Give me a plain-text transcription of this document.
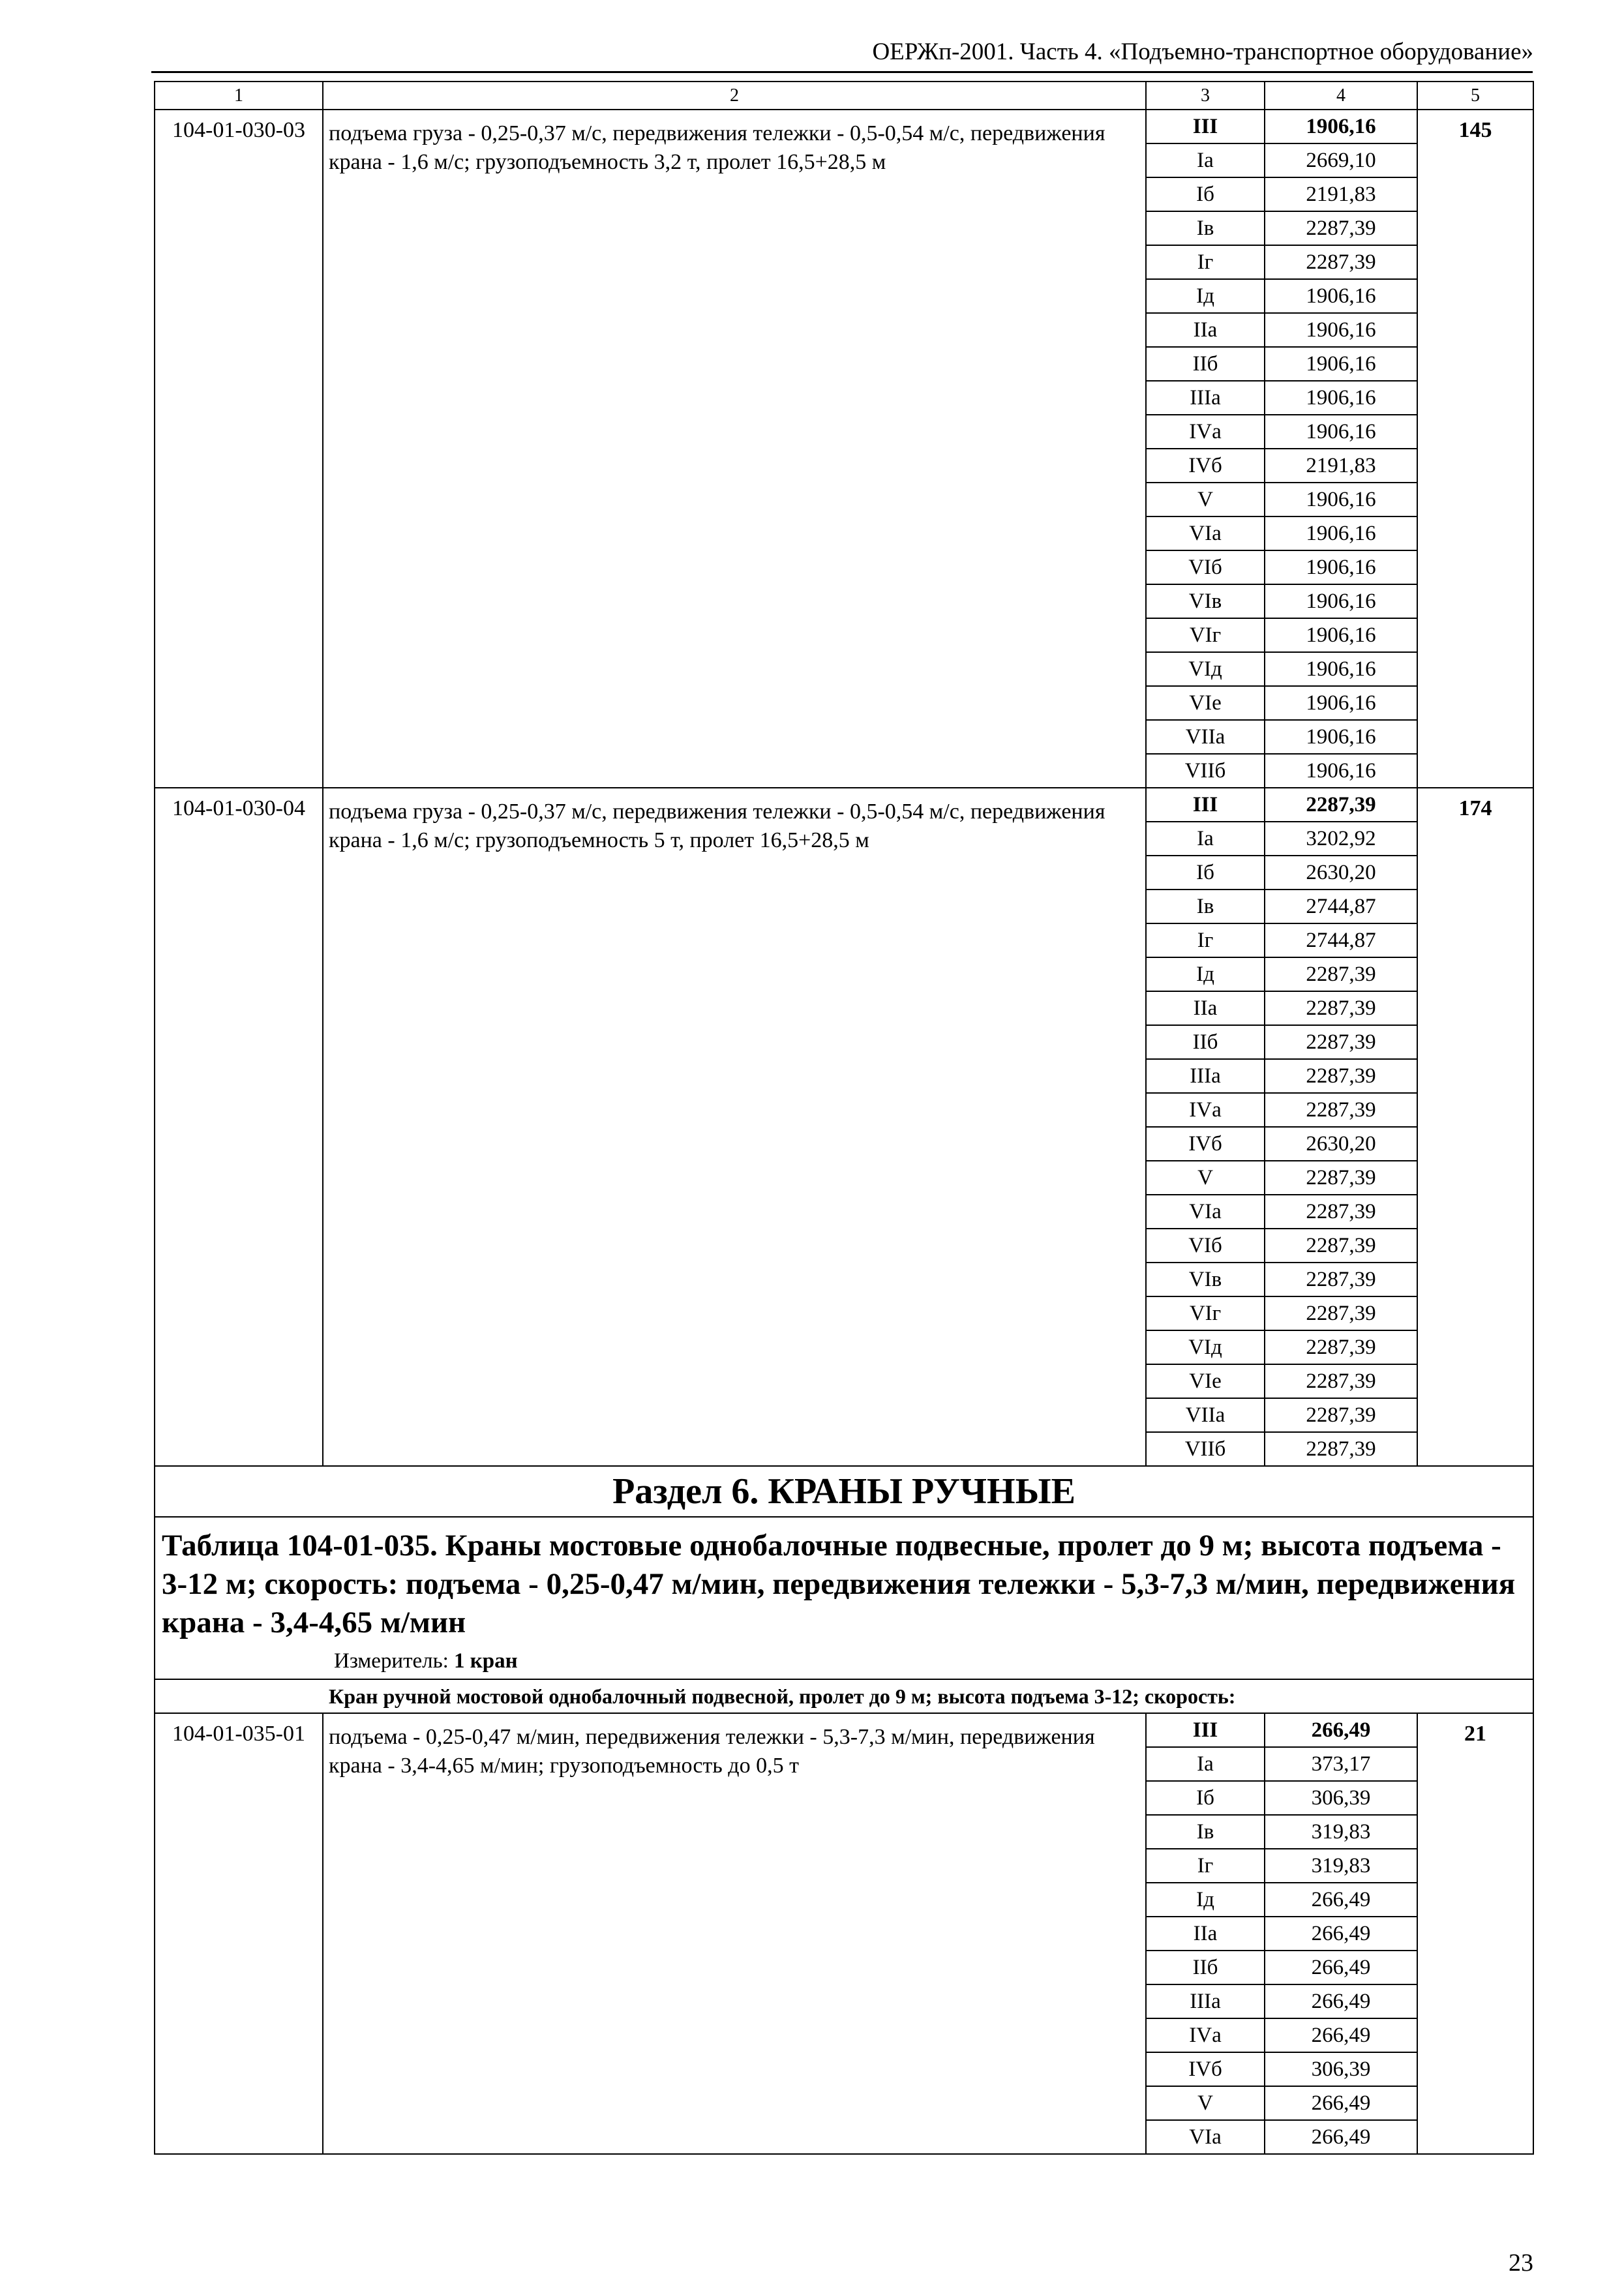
ОЕРЖп-2001. Часть 4. «Подъемно-транспортное оборудование»
1	2	3	4	5
104-01-030-03	подъема груза - 0,25-0,37 м/с, передвижения тележки - 0,5-0,54 м/с, передвижения крана - 1,6 м/с; грузоподъемность 3,2 т, пролет 16,5+28,5 м	III	1906,16	145
		Iа	2669,10	
		Iб	2191,83	
		Iв	2287,39	
		Iг	2287,39	
		Iд	1906,16	
		IIа	1906,16	
		IIб	1906,16	
		IIIа	1906,16	
		IVа	1906,16	
		IVб	2191,83	
		V	1906,16	
		VIа	1906,16	
		VIб	1906,16	
		VIв	1906,16	
		VIг	1906,16	
		VIд	1906,16	
		VIе	1906,16	
		VIIа	1906,16	
		VIIб	1906,16	
104-01-030-04	подъема груза - 0,25-0,37 м/с, передвижения тележки - 0,5-0,54 м/с, передвижения крана - 1,6 м/с; грузоподъемность 5 т, пролет 16,5+28,5 м	III	2287,39	174
		Iа	3202,92	
		Iб	2630,20	
		Iв	2744,87	
		Iг	2744,87	
		Iд	2287,39	
		IIа	2287,39	
		IIб	2287,39	
		IIIа	2287,39	
		IVа	2287,39	
		IVб	2630,20	
		V	2287,39	
		VIа	2287,39	
		VIб	2287,39	
		VIв	2287,39	
		VIг	2287,39	
		VIд	2287,39	
		VIе	2287,39	
		VIIа	2287,39	
		VIIб	2287,39	
Раздел 6. КРАНЫ РУЧНЫЕ				

Таблица 104-01-035. Краны мостовые однобалочные подвесные, пролет до 9 м; высота подъема - 3-12 м; скорость: подъема - 0,25-0,47 м/мин, передвижения тележки - 5,3-7,3 м/мин, передвижения крана - 3,4-4,65 м/мин
Измеритель: 1 кран				

Кран ручной мостовой однобалочный подвесной, пролет до 9 м; высота подъема 3-12; скорость:				
104-01-035-01	подъема - 0,25-0,47 м/мин, передвижения тележки - 5,3-7,3 м/мин, передвижения крана - 3,4-4,65 м/мин; грузоподъемность до 0,5 т	III	266,49	21
		Iа	373,17	
		Iб	306,39	
		Iв	319,83	
		Iг	319,83	
		Iд	266,49	
		IIа	266,49	
		IIб	266,49	
		IIIа	266,49	
		IVа	266,49	
		IVб	306,39	
		V	266,49	
		VIа	266,49	
23
